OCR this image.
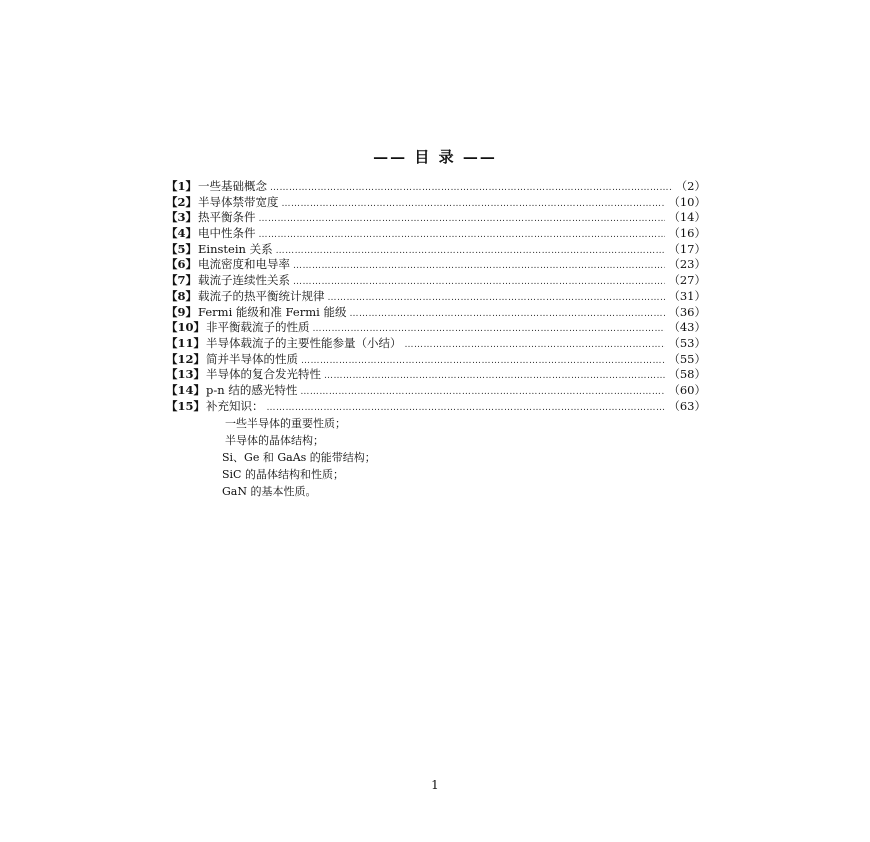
—— 目 录 ——
【1】 一些基础概念 ……………………………………………………………………………………………………………………………………………………………………	（2）
【2】 半导体禁带宽度 ……………………………………………………………………………………………………………………………………………………………………	（10）
【3】 热平衡条件 ……………………………………………………………………………………………………………………………………………………………………	（14）
【4】 电中性条件 ……………………………………………………………………………………………………………………………………………………………………	（16）
【5】 Einstein 关系 ……………………………………………………………………………………………………………………………………………………………………	（17）
【6】 电流密度和电导率 ……………………………………………………………………………………………………………………………………………………………………	（23）
【7】 载流子连续性关系 ……………………………………………………………………………………………………………………………………………………………………	（27）
【8】 载流子的热平衡统计规律 ……………………………………………………………………………………………………………………………………………………………………	（31）
【9】 Fermi 能级和准 Fermi 能级 ……………………………………………………………………………………………………………………………………………………………………	（36）
【10】 非平衡载流子的性质 ……………………………………………………………………………………………………………………………………………………………………	（43）
【11】 半导体载流子的主要性能参量（小结） ……………………………………………………………………………………………………………………………………………………………………	（53）
【12】 简并半导体的性质 ……………………………………………………………………………………………………………………………………………………………………	（55）
【13】 半导体的复合发光特性 ……………………………………………………………………………………………………………………………………………………………………	（58）
【14】 p-n 结的感光特性 ……………………………………………………………………………………………………………………………………………………………………	（60）
【15】 补充知识： ……………………………………………………………………………………………………………………………………………………………………	（63）
一些半导体的重要性质；
半导体的晶体结构；
Si、Ge 和 GaAs 的能带结构；
SiC 的晶体结构和性质；
GaN 的基本性质。
1
